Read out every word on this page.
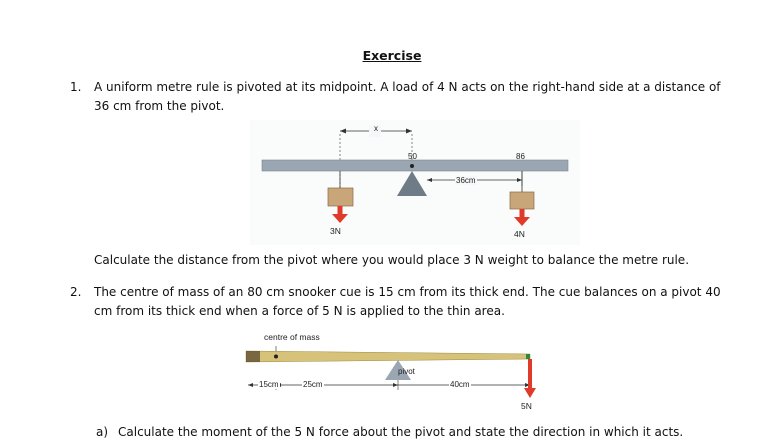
Exercise
1. A uniform metre rule is pivoted at its midpoint. A load of 4 N acts on the right-hand side at a distance of
36 cm from the pivot.
x
50	86
36cm
3N	4N
Calculate the distance from the pivot where you would place 3 N weight to balance the metre rule.
2. The centre of mass of an 80 cm snooker cue is 15 cm from its thick end. The cue balances on a pivot 40
cm from its thick end when a force of 5 N is applied to the thin area.
centre of mass
pivot
15cm	25cm	40cm
5N
a) Calculate the moment of the 5 N force about the pivot and state the direction in which it acts.
